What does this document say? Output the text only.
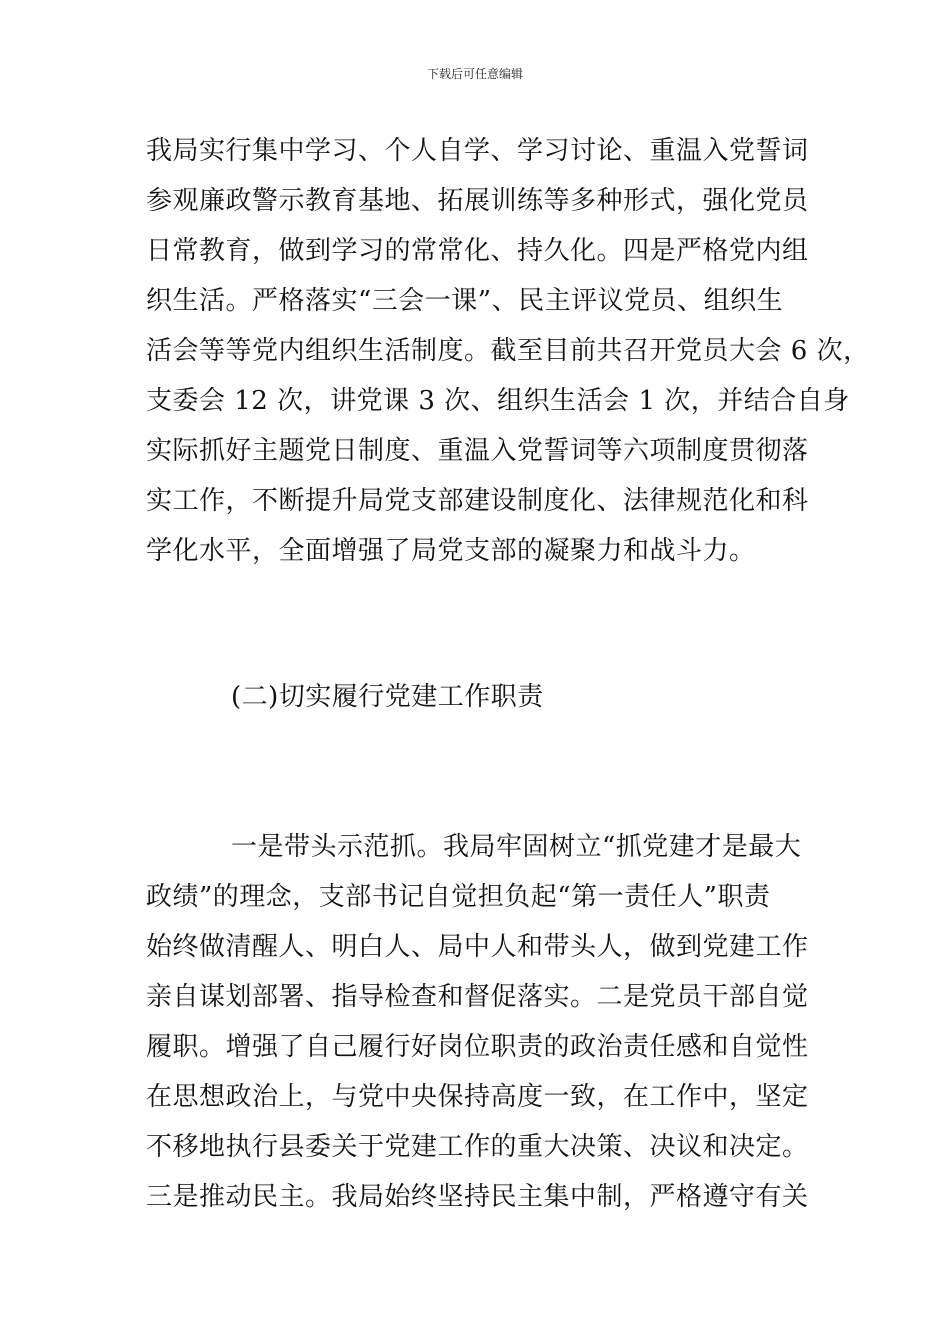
下载后可任意编辑
我局实行集中学习、个人自学、学习讨论、重温入党誓词
参观廉政警示教育基地、拓展训练等多种形式，强化党员
日常教育，做到学习的常常化、持久化。四是严格党内组
织生活。严格落实“三会一课”、民主评议党员、组织生
活会等等党内组织生活制度。截至目前共召开党员大会 6 次，
支委会 12 次，讲党课 3 次、组织生活会 1 次，并结合自身
实际抓好主题党日制度、重温入党誓词等六项制度贯彻落
实工作，不断提升局党支部建设制度化、法律规范化和科
学化水平，全面增强了局党支部的凝聚力和战斗力。
(二)切实履行党建工作职责
一是带头示范抓。我局牢固树立“抓党建才是最大
政绩”的理念，支部书记自觉担负起“第一责任人”职责
始终做清醒人、明白人、局中人和带头人，做到党建工作
亲自谋划部署、指导检查和督促落实。二是党员干部自觉
履职。增强了自己履行好岗位职责的政治责任感和自觉性
在思想政治上，与党中央保持高度一致，在工作中，坚定
不移地执行县委关于党建工作的重大决策、决议和决定。
三是推动民主。我局始终坚持民主集中制，严格遵守有关
